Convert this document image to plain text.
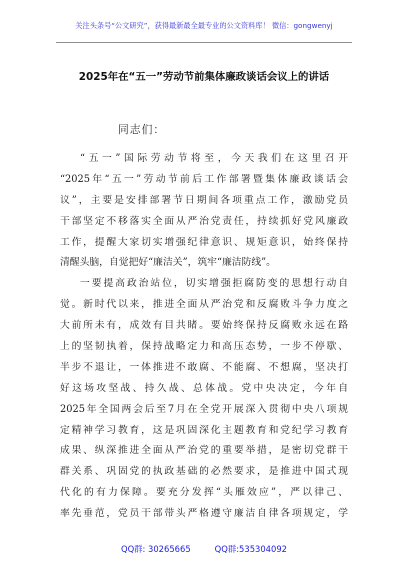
关注头条号“公文研究”，获得最新最全最专业的公文资料库！ 微信：gongwenyj
2025年在“五一”劳动节前集体廉政谈话会议上的讲话
同志们：
“五一”国际劳动节将至，今天我们在这里召开
“2025年“五一”劳动节前后工作部署暨集体廉政谈话会
议”，主要是安排部署节日期间各项重点工作，激励党员
干部坚定不移落实全面从严治党责任，持续抓好党风廉政
工作，提醒大家切实增强纪律意识、规矩意识，始终保持
清醒头脑，自觉把好“廉洁关”，筑牢“廉洁防线”。
一要提高政治站位，切实增强拒腐防变的思想行动自
觉。新时代以来，推进全面从严治党和反腐败斗争力度之
大前所未有，成效有目共睹。要始终保持反腐败永远在路
上的坚韧执着，保持战略定力和高压态势，一步不停歇、
半步不退让，一体推进不敢腐、不能腐、不想腐，坚决打
好这场攻坚战、持久战、总体战。党中央决定，今年自
2025年全国两会后至7月在全党开展深入贯彻中央八项规
定精神学习教育，这是巩固深化主题教育和党纪学习教育
成果、纵深推进全面从严治党的重要举措，是密切党群干
群关系、巩固党的执政基础的必然要求，是推进中国式现
代化的有力保障。要充分发挥“头雁效应”，严以律己、
率先垂范，党员干部带头严格遵守廉洁自律各项规定，学
QQ群: 30265665	QQ群:535304092
